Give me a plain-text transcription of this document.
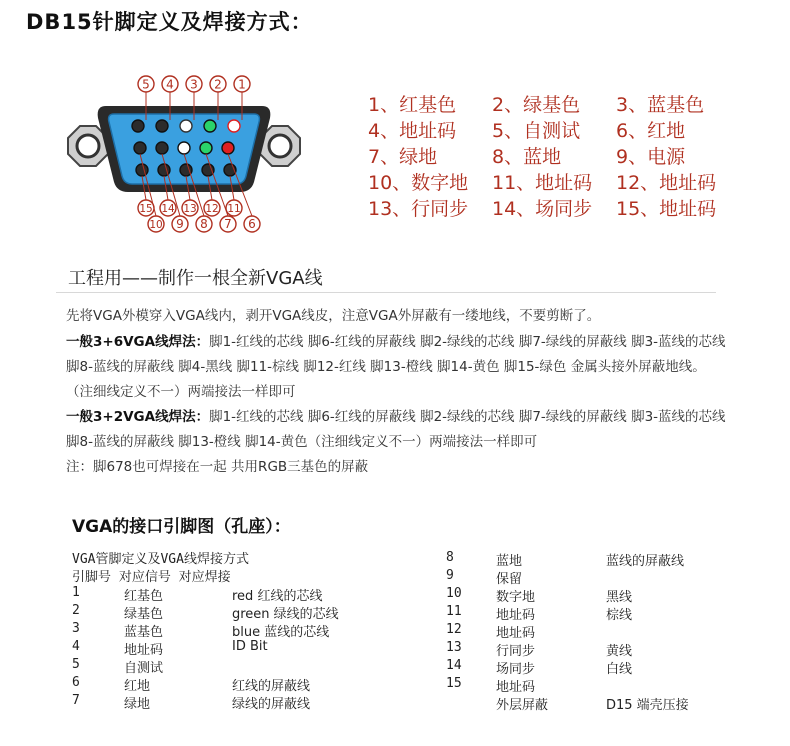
DB15针脚定义及焊接方式：
5 4 3 2 1
15 14 13 12 11
10 9 8 7 6
1、红基色 2、绿基色 3、蓝基色
4、地址码 5、自测试 6、红地
7、绿地	8、蓝地	9、电源
10、数字地 11、地址码 12、地址码
13、行同步 14、场同步 15、地址码
工程用——制作一根全新VGA线
先将VGA外模穿入VGA线内，剥开VGA线皮，注意VGA外屏蔽有一缕地线，不要剪断了。
一般3+6VGA线焊法：脚1-红线的芯线 脚6-红线的屏蔽线 脚2-绿线的芯线 脚7-绿线的屏蔽线 脚3-蓝线的芯线
脚8-蓝线的屏蔽线 脚4-黑线 脚11-棕线 脚12-红线 脚13-橙线 脚14-黄色 脚15-绿色 金属头接外屏蔽地线。
（注细线定义不一）两端接法一样即可
一般3+2VGA线焊法：脚1-红线的芯线 脚6-红线的屏蔽线 脚2-绿线的芯线 脚7-绿线的屏蔽线 脚3-蓝线的芯线
脚8-蓝线的屏蔽线 脚13-橙线 脚14-黄色（注细线定义不一）两端接法一样即可
注：脚678也可焊接在一起 共用RGB三基色的屏蔽
VGA的接口引脚图（孔座）：
VGA管脚定义及VGA线焊接方式
引脚号 对应信号 对应焊接
1	红基色	red 红线的芯线
2	绿基色	green 绿线的芯线
3	蓝基色	blue 蓝线的芯线
4	地址码	ID Bit
5	自测试
6	红地	红线的屏蔽线
7	绿地	绿线的屏蔽线
8	蓝地	蓝线的屏蔽线
9	保留
10	数字地	黑线
11	地址码	棕线
12	地址码
13	行同步	黄线
14	场同步	白线
15	地址码
外层屏蔽	D15 端壳压接
